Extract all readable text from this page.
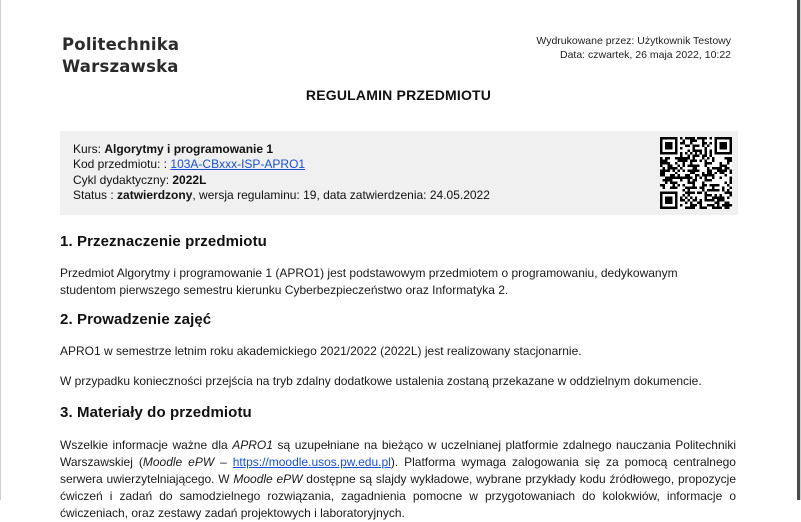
Politechnika
Warszawska
Wydrukowane przez: Użytkownik Testowy
Data: czwartek, 26 maja 2022, 10:22
REGULAMIN PRZEDMIOTU
Kurs: Algorytmy i programowanie 1
Kod przedmiotu: : 103A-CBxxx-ISP-APRO1
Cykl dydaktyczny: 2022L
Status : zatwierdzony, wersja regulaminu: 19, data zatwierdzenia: 24.05.2022
1. Przeznaczenie przedmiotu

Przedmiot Algorytmy i programowanie 1 (APRO1) jest podstawowym przedmiotem o programowaniu, dedykowanym studentom pierwszego semestru kierunku Cyberbezpieczeństwo oraz Informatyka 2.

2. Prowadzenie zajęć

APRO1 w semestrze letnim roku akademickiego 2021/2022 (2022L) jest realizowany stacjonarnie.

W przypadku konieczności przejścia na tryb zdalny dodatkowe ustalenia zostaną przekazane w oddzielnym dokumencie.

3. Materiały do przedmiotu

Wszelkie informacje ważne dla APRO1 są uzupełniane na bieżąco w uczelnianej platformie zdalnego nauczania Politechniki Warszawskiej (Moodle ePW – https://moodle.usos.pw.edu.pl). Platforma wymaga zalogowania się za pomocą centralnego serwera uwierzytelniającego. W Moodle ePW dostępne są slajdy wykładowe, wybrane przykłady kodu źródłowego, propozycje ćwiczeń i zadań do samodzielnego rozwiązania, zagadnienia pomocne w przygotowaniach do kolokwiów, informacje o ćwiczeniach, oraz zestawy zadań projektowych i laboratoryjnych.
